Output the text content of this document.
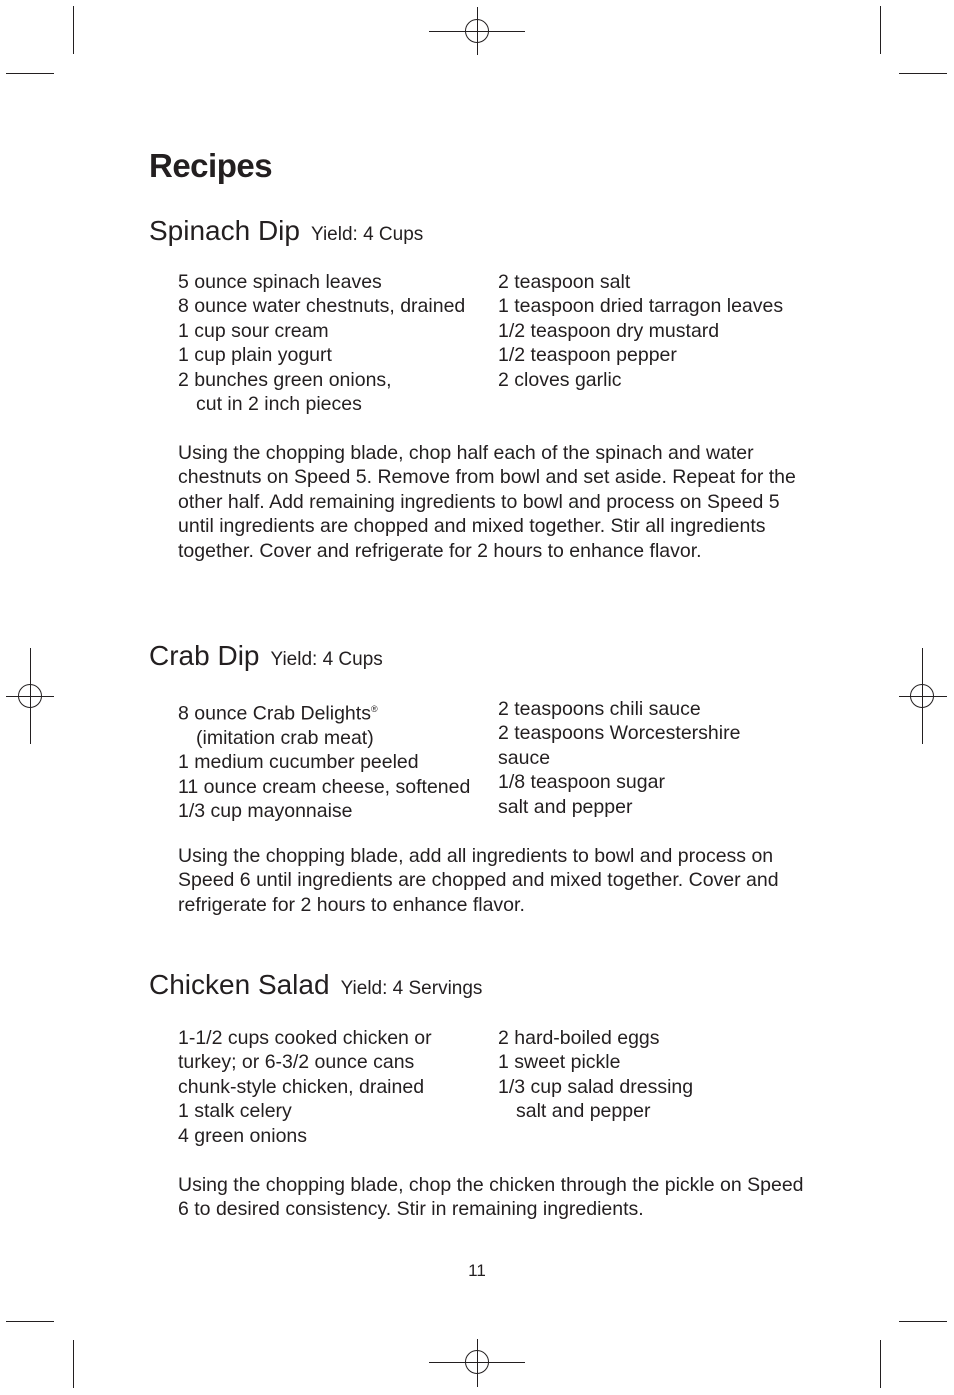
Recipes
Spinach Dip Yield: 4 Cups
5 ounce spinach leaves
8 ounce water chestnuts, drained
1 cup sour cream
1 cup plain yogurt
2 bunches green onions,
cut in 2 inch pieces
2 teaspoon salt
1 teaspoon dried tarragon leaves
1/2 teaspoon dry mustard
1/2 teaspoon pepper
2 cloves garlic

Using the chopping blade, chop half each of the spinach and water chestnuts on Speed 5. Remove from bowl and set aside. Repeat for the other half. Add remaining ingredients to bowl and process on Speed 5 until ingredients are chopped and mixed together. Stir all ingredients together. Cover and refrigerate for 2 hours to enhance flavor.

Crab Dip Yield: 4 Cups
8 ounce Crab Delights®
(imitation crab meat)
1 medium cucumber peeled
11 ounce cream cheese, softened
1/3 cup mayonnaise
2 teaspoons chili sauce
2 teaspoons Worcestershire
sauce
1/8 teaspoon sugar
salt and pepper

Using the chopping blade, add all ingredients to bowl and process on Speed 6 until ingredients are chopped and mixed together. Cover and refrigerate for 2 hours to enhance flavor.

Chicken Salad Yield: 4 Servings
1-1/2 cups cooked chicken or
turkey; or 6-3/2 ounce cans
chunk-style chicken, drained
1 stalk celery
4 green onions
2 hard-boiled eggs
1 sweet pickle
1/3 cup salad dressing
salt and pepper

Using the chopping blade, chop the chicken through the pickle on Speed 6 to desired consistency. Stir in remaining ingredients.

11
